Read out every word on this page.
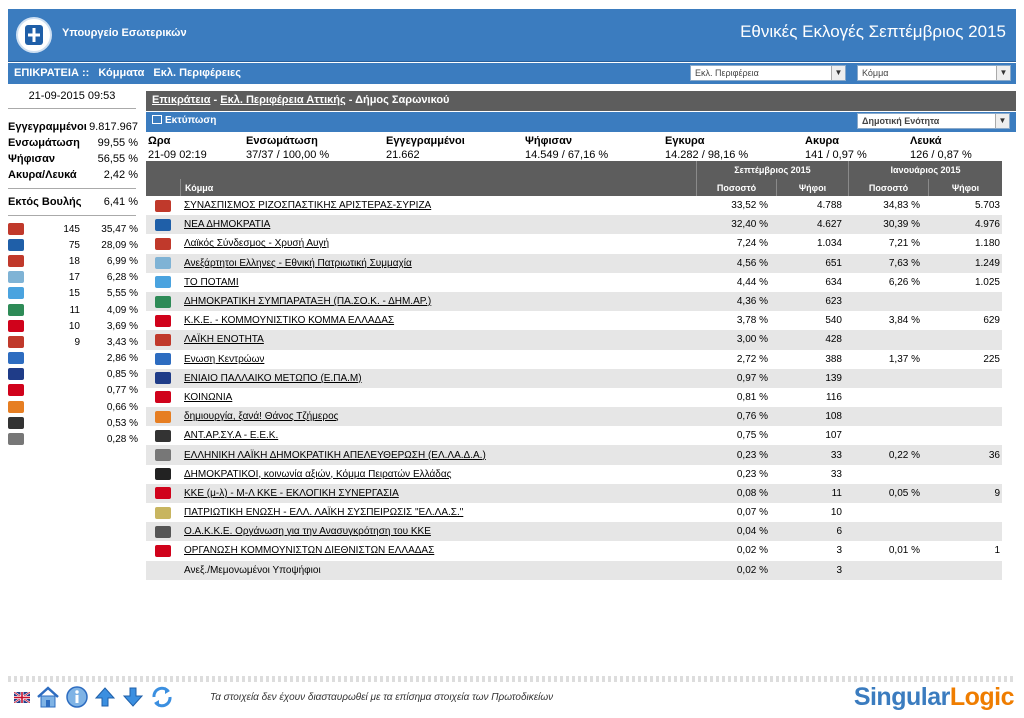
Υπουργείο Εσωτερικών	Εθνικές Εκλογές Σεπτέμβριος 2015
ΕΠΙΚΡΑΤΕΙΑ :: Κόμματα Εκλ. Περιφέρειες	Εκλ. Περιφέρεια	▼	Κόμμα	▼
21-09-2015 09:53
Εγγεγραμμένοι 9.817.967
Ενσωμάτωση 99,55 %
Ψήφισαν	56,55 %
Ακυρα/Λευκά 2,42 %
Εκτός Βουλής 6,41 %
145	35,47 %
75	28,09 %
18	6,99 %
17	6,28 %
15	5,55 %
11	4,09 %
10	3,69 %
9	3,43 %
2,86 %
0,85 %
0,77 %
0,66 %
0,53 %
0,28 %
Επικράτεια - Εκλ. Περιφέρεια Αττικής - Δήμος Σαρωνικού
Εκτύπωση	Δημοτική Ενότητα	▼
Ωρα	Ενσωμάτωση	Εγγεγραμμένοι	Ψήφισαν	Εγκυρα	Ακυρα	Λευκά
21-09 02:19	37/37 / 100,00 %	21.662	14.549 / 67,16 %	14.282 / 98,16 %	141 / 0,97 %	126 / 0,87 %
Σεπτέμβριος 2015	Ιανουάριος 2015
Κόμμα	Ποσοστό	Ψήφοι	Ποσοστό	Ψήφοι
ΣΥΝΑΣΠΙΣΜΟΣ ΡΙΖΟΣΠΑΣΤΙΚΗΣ ΑΡΙΣΤΕΡΑΣ-ΣΥΡΙΖΑ	33,52 %	4.788	34,83 %	5.703
ΝΕΑ ΔΗΜΟΚΡΑΤΙΑ	32,40 %	4.627	30,39 %	4.976
Λαϊκός Σύνδεσμος - Χρυσή Αυγή	7,24 %	1.034	7,21 %	1.180
Ανεξάρτητοι Ελληνες - Εθνική Πατριωτική Συμμαχία	4,56 %	651	7,63 %	1.249
ΤΟ ΠΟΤΑΜΙ	4,44 %	634	6,26 %	1.025
ΔΗΜΟΚΡΑΤΙΚΗ ΣΥΜΠΑΡΑΤΑΞΗ (ΠΑ.ΣΟ.Κ. - ΔΗΜ.ΑΡ.)	4,36 %	623
Κ.Κ.Ε. - ΚΟΜΜΟΥΝΙΣΤΙΚΟ ΚΟΜΜΑ ΕΛΛΑΔΑΣ	3,78 %	540	3,84 %	629
ΛΑΪΚΗ ΕΝΟΤΗΤΑ	3,00 %	428
Ενωση Κεντρώων	2,72 %	388	1,37 %	225
ΕΝΙΑΙΟ ΠΑΛΛΑΙΚΟ ΜΕΤΩΠΟ (Ε.ΠΑ.Μ)	0,97 %	139
ΚΟΙΝΩΝΙΑ	0,81 %	116
δημιουργία, ξανά! Θάνος Τζήμερος	0,76 %	108
ΑΝΤ.ΑΡ.ΣΥ.Α - Ε.Ε.Κ.	0,75 %	107
ΕΛΛΗΝΙΚΗ ΛΑΪΚΗ ΔΗΜΟΚΡΑΤΙΚΗ ΑΠΕΛΕΥΘΕΡΩΣΗ (ΕΛ.ΛΑ.Δ.Α.)	0,23 %	33	0,22 %	36
ΔΗΜΟΚΡΑΤΙΚΟΙ, κοινωνία αξιών, Κόμμα Πειρατών Ελλάδας	0,23 %	33
ΚΚΕ (μ-λ) - Μ-Λ ΚΚΕ - ΕΚΛΟΓΙΚΗ ΣΥΝΕΡΓΑΣΙΑ	0,08 %	11	0,05 %	9
ΠΑΤΡΙΩΤΙΚΗ ΕΝΩΣΗ - ΕΛΛ. ΛΑΪΚΗ ΣΥΣΠΕΙΡΩΣΙΣ "ΕΛ.ΛΑ.Σ."	0,07 %	10
Ο.Α.Κ.Κ.Ε. Οργάνωση για την Ανασυγκρότηση του ΚΚΕ	0,04 %	6
ΟΡΓΑΝΩΣΗ ΚΟΜΜΟΥΝΙΣΤΩΝ ΔΙΕΘΝΙΣΤΩΝ ΕΛΛΑΔΑΣ	0,02 %	3	0,01 %	1
Ανεξ./Μεμονωμένοι Υποψήφιοι	0,02 %	3
Τα στοιχεία δεν έχουν διασταυρωθεί με τα επίσημα στοιχεία των Πρωτοδικείων	SingularLogic
